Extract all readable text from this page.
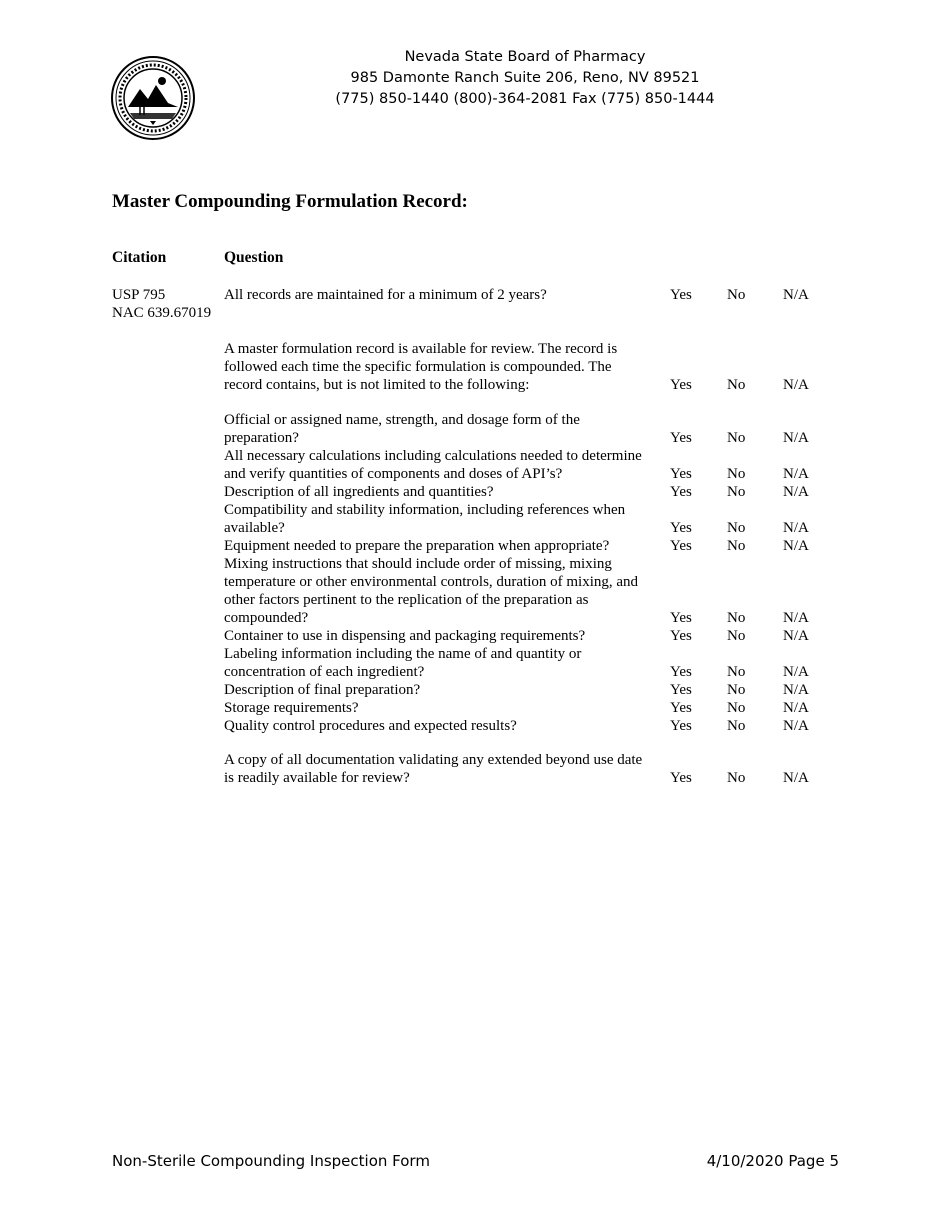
Nevada State Board of Pharmacy
985 Damonte Ranch Suite 206, Reno, NV 89521
(775) 850-1440 (800)-364-2081 Fax (775) 850-1444
Master Compounding Formulation Record:
Citation	Question
USP 795
NAC 639.67019
All records are maintained for a minimum of 2 years?	Yes No	N/A
A master formulation record is available for review. The record is
followed each time the specific formulation is compounded. The
record contains, but is not limited to the following:	Yes No	N/A
Official or assigned name, strength, and dosage form of the
preparation?	Yes No	N/A
All necessary calculations including calculations needed to determine
and verify quantities of components and doses of API’s?	Yes No	N/A
Description of all ingredients and quantities?	Yes No	N/A
Compatibility and stability information, including references when
available?	Yes No	N/A
Equipment needed to prepare the preparation when appropriate?	Yes No	N/A
Mixing instructions that should include order of missing, mixing
temperature or other environmental controls, duration of mixing, and
other factors pertinent to the replication of the preparation as
compounded?	Yes No	N/A
Container to use in dispensing and packaging requirements?	Yes No	N/A
Labeling information including the name of and quantity or
concentration of each ingredient?	Yes No	N/A
Description of final preparation?	Yes No	N/A
Storage requirements?	Yes No	N/A
Quality control procedures and expected results?	Yes No	N/A
A copy of all documentation validating any extended beyond use date
is readily available for review?	Yes No	N/A
Non-Sterile Compounding Inspection Form	4/10/2020 Page 5
